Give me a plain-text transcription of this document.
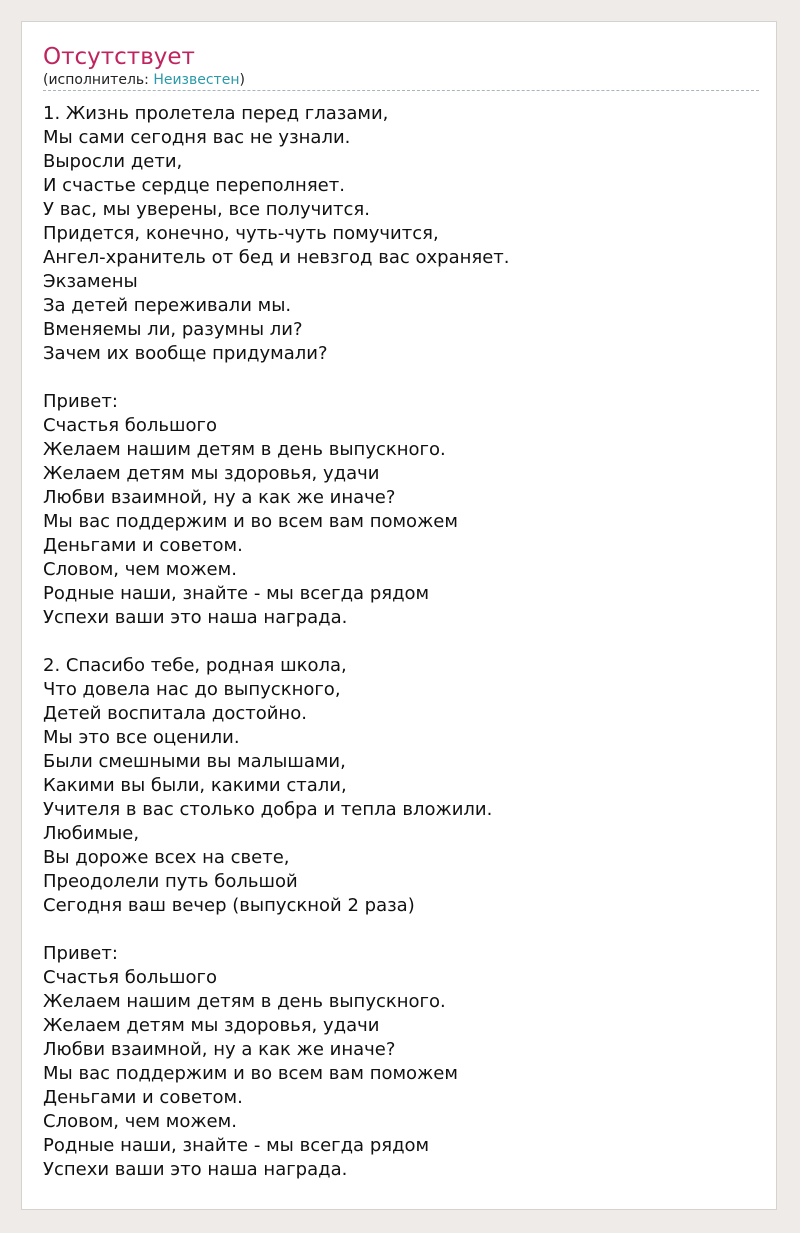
Отсутствует
(исполнитель: Неизвестен)
1. Жизнь пролетела перед глазами,
Мы сами сегодня вас не узнали.
Выросли дети,
И счастье сердце переполняет.
У вас, мы уверены, все получится.
Придется, конечно, чуть-чуть помучится,
Ангел-хранитель от бед и невзгод вас охраняет.
Экзамены
За детей переживали мы.
Вменяемы ли, разумны ли?
Зачем их вообще придумали?
Привет:
Счастья большого
Желаем нашим детям в день выпускного.
Желаем детям мы здоровья, удачи
Любви взаимной, ну а как же иначе?
Мы вас поддержим и во всем вам поможем
Деньгами и советом.
Словом, чем можем.
Родные наши, знайте - мы всегда рядом
Успехи ваши это наша награда.
2. Спасибо тебе, родная школа,
Что довела нас до выпускного,
Детей воспитала достойно.
Мы это все оценили.
Были смешными вы малышами,
Какими вы были, какими стали,
Учителя в вас столько добра и тепла вложили.
Любимые,
Вы дороже всех на свете,
Преодолели путь большой
Сегодня ваш вечер (выпускной 2 раза)
Привет:
Счастья большого
Желаем нашим детям в день выпускного.
Желаем детям мы здоровья, удачи
Любви взаимной, ну а как же иначе?
Мы вас поддержим и во всем вам поможем
Деньгами и советом.
Словом, чем можем.
Родные наши, знайте - мы всегда рядом
Успехи ваши это наша награда.
